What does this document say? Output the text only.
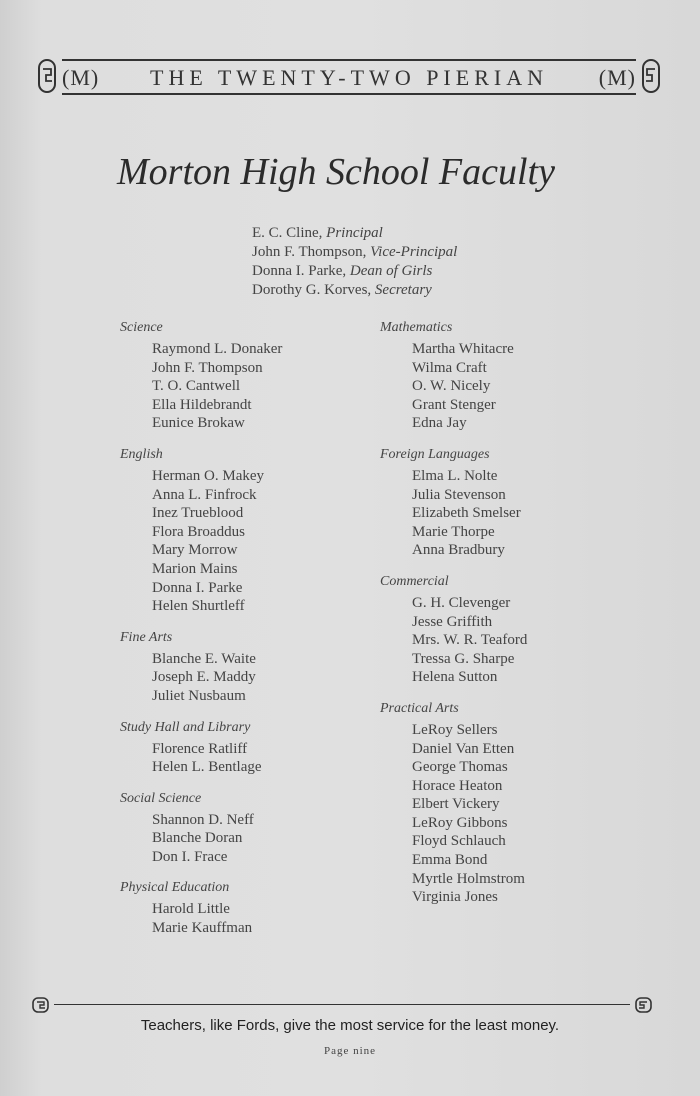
(M) THE TWENTY-TWO PIERIAN (M)
Morton High School Faculty
E. C. Cline, Principal
John F. Thompson, Vice-Principal
Donna I. Parke, Dean of Girls
Dorothy G. Korves, Secretary
Science
Raymond L. Donaker
John F. Thompson
T. O. Cantwell
Ella Hildebrandt
Eunice Brokaw
English
Herman O. Makey
Anna L. Finfrock
Inez Trueblood
Flora Broaddus
Mary Morrow
Marion Mains
Donna I. Parke
Helen Shurtleff
Fine Arts
Blanche E. Waite
Joseph E. Maddy
Juliet Nusbaum
Study Hall and Library
Florence Ratliff
Helen L. Bentlage
Social Science
Shannon D. Neff
Blanche Doran
Don I. Frace
Physical Education
Harold Little
Marie Kauffman
Mathematics
Martha Whitacre
Wilma Craft
O. W. Nicely
Grant Stenger
Edna Jay
Foreign Languages
Elma L. Nolte
Julia Stevenson
Elizabeth Smelser
Marie Thorpe
Anna Bradbury
Commercial
G. H. Clevenger
Jesse Griffith
Mrs. W. R. Teaford
Tressa G. Sharpe
Helena Sutton
Practical Arts
LeRoy Sellers
Daniel Van Etten
George Thomas
Horace Heaton
Elbert Vickery
LeRoy Gibbons
Floyd Schlauch
Emma Bond
Myrtle Holmstrom
Virginia Jones
Teachers, like Fords, give the most service for the least money.
Page nine
